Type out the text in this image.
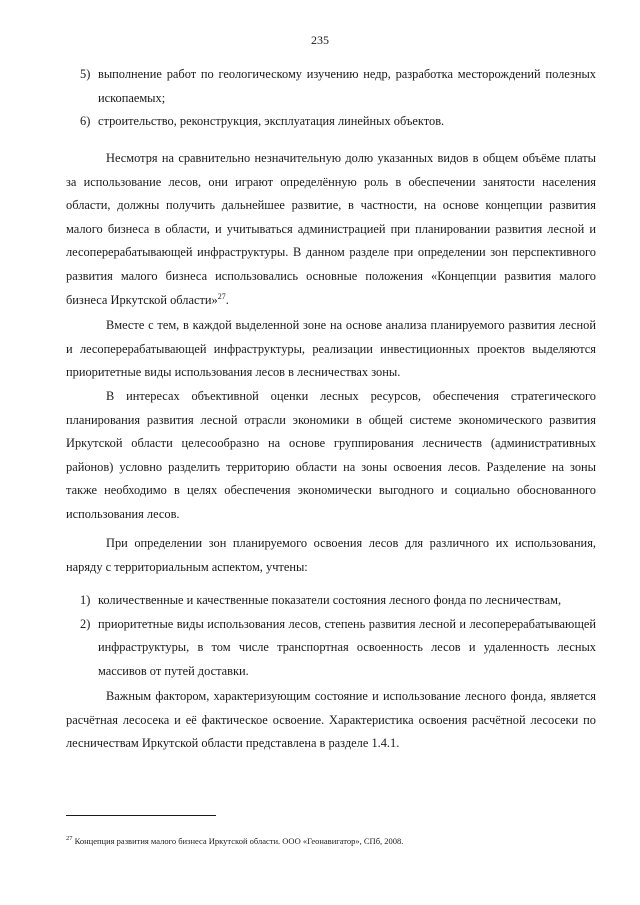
235
5) выполнение работ по геологическому изучению недр, разработка месторождений полезных ископаемых;
6) строительство, реконструкция, эксплуатация линейных объектов.

Несмотря на сравнительно незначительную долю указанных видов в общем объёме платы за использование лесов, они играют определённую роль в обеспечении занятости населения области, должны получить дальнейшее развитие, в частности, на основе концепции развития малого бизнеса в области, и учитываться администрацией при планировании развития лесной и лесоперерабатывающей инфраструктуры. В данном разделе при определении зон перспективного развития малого бизнеса использовались основные положения «Концепции развития малого бизнеса Иркутской области»$^{27}$.

Вместе с тем, в каждой выделенной зоне на основе анализа планируемого развития лесной и лесоперерабатывающей инфраструктуры, реализации инвестиционных проектов выделяются приоритетные виды использования лесов в лесничествах зоны.

В интересах объективной оценки лесных ресурсов, обеспечения стратегического планирования развития лесной отрасли экономики в общей системе экономического развития Иркутской области целесообразно на основе группирования лесничеств (административных районов) условно разделить территорию области на зоны освоения лесов. Разделение на зоны также необходимо в целях обеспечения экономически выгодного и социально обоснованного использования лесов.

При определении зон планируемого освоения лесов для различного их использования, наряду с территориальным аспектом, учтены:

1) количественные и качественные показатели состояния лесного фонда по лесничествам,
2) приоритетные виды использования лесов, степень развития лесной и лесоперерабатывающей инфраструктуры, в том числе транспортная освоенность лесов и удаленность лесных массивов от путей доставки.

Важным фактором, характеризующим состояние и использование лесного фонда, является расчётная лесосека и её фактическое освоение. Характеристика освоения расчётной лесосеки по лесничествам Иркутской области представлена в разделе 1.4.1.

$^{27}$ Концепция развития малого бизнеса Иркутской области. ООО «Геонавигатор», СПб, 2008.
